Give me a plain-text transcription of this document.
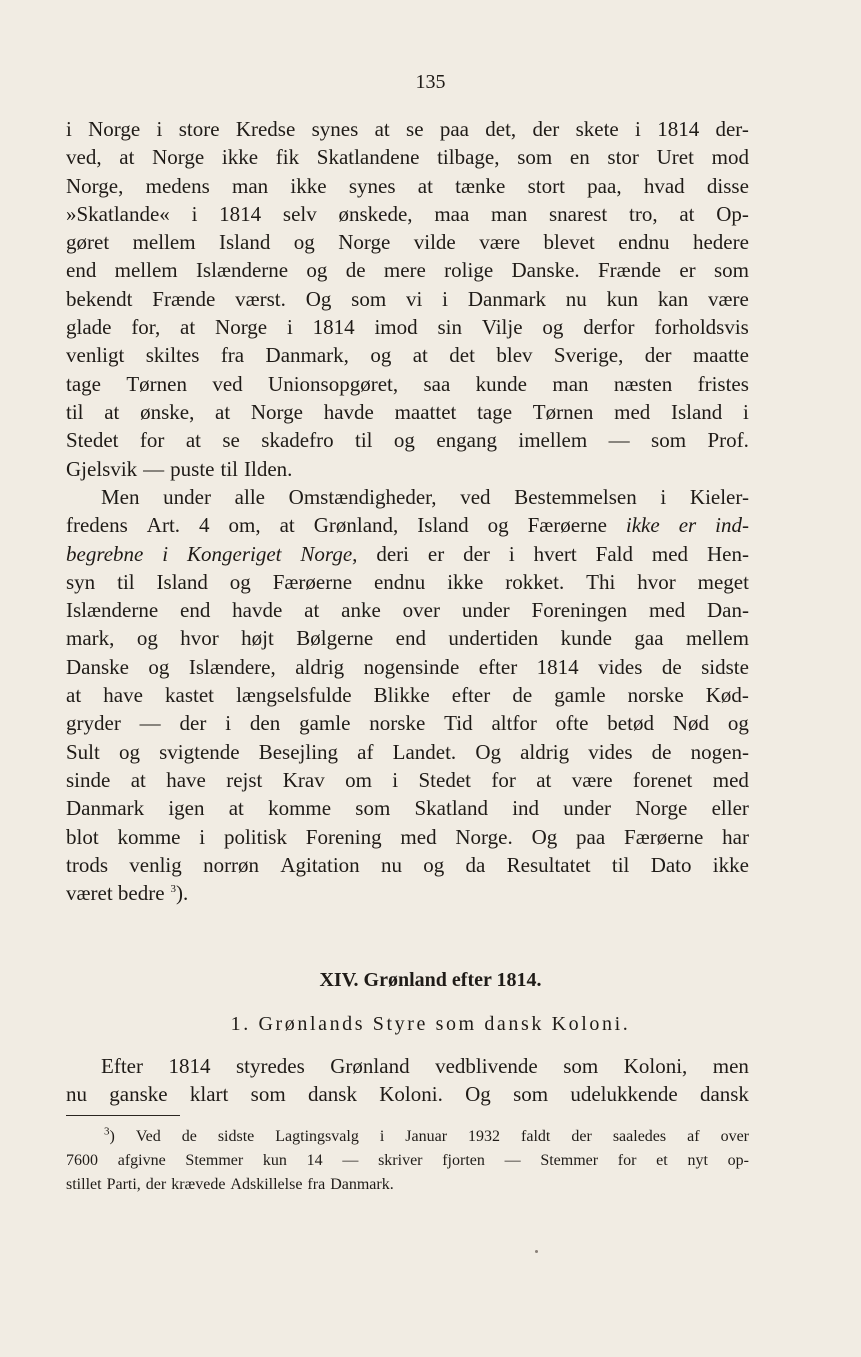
135
i Norge i store Kredse synes at se paa det, der skete i 1814 der-
ved, at Norge ikke fik Skatlandene tilbage, som en stor Uret mod
Norge, medens man ikke synes at tænke stort paa, hvad disse
»Skatlande« i 1814 selv ønskede, maa man snarest tro, at Op-
gøret mellem Island og Norge vilde være blevet endnu hedere
end mellem Islænderne og de mere rolige Danske. Frænde er som
bekendt Frænde værst. Og som vi i Danmark nu kun kan være
glade for, at Norge i 1814 imod sin Vilje og derfor forholdsvis
venligt skiltes fra Danmark, og at det blev Sverige, der maatte
tage Tørnen ved Unionsopgøret, saa kunde man næsten fristes
til at ønske, at Norge havde maattet tage Tørnen med Island i
Stedet for at se skadefro til og engang imellem — som Prof.
Gjelsvik — puste til Ilden.
Men under alle Omstændigheder, ved Bestemmelsen i Kieler-
fredens Art. 4 om, at Grønland, Island og Færøerne ikke er ind-
begrebne i Kongeriget Norge, deri er der i hvert Fald med Hen-
syn til Island og Færøerne endnu ikke rokket. Thi hvor meget
Islænderne end havde at anke over under Foreningen med Dan-
mark, og hvor højt Bølgerne end undertiden kunde gaa mellem
Danske og Islændere, aldrig nogensinde efter 1814 vides de sidste
at have kastet længselsfulde Blikke efter de gamle norske Kød-
gryder — der i den gamle norske Tid altfor ofte betød Nød og
Sult og svigtende Besejling af Landet. Og aldrig vides de nogen-
sinde at have rejst Krav om i Stedet for at være forenet med
Danmark igen at komme som Skatland ind under Norge eller
blot komme i politisk Forening med Norge. Og paa Færøerne har
trods venlig norrøn Agitation nu og da Resultatet til Dato ikke
været bedre $^3$).
XIV. Grønland efter 1814.
1. Grønlands Styre som dansk Koloni.
Efter 1814 styredes Grønland vedblivende som Koloni, men
nu ganske klart som dansk Koloni. Og som udelukkende dansk
$^3$) Ved de sidste Lagtingsvalg i Januar 1932 faldt der saaledes af over
7600 afgivne Stemmer kun 14 — skriver fjorten — Stemmer for et nyt op-
stillet Parti, der krævede Adskillelse fra Danmark.
